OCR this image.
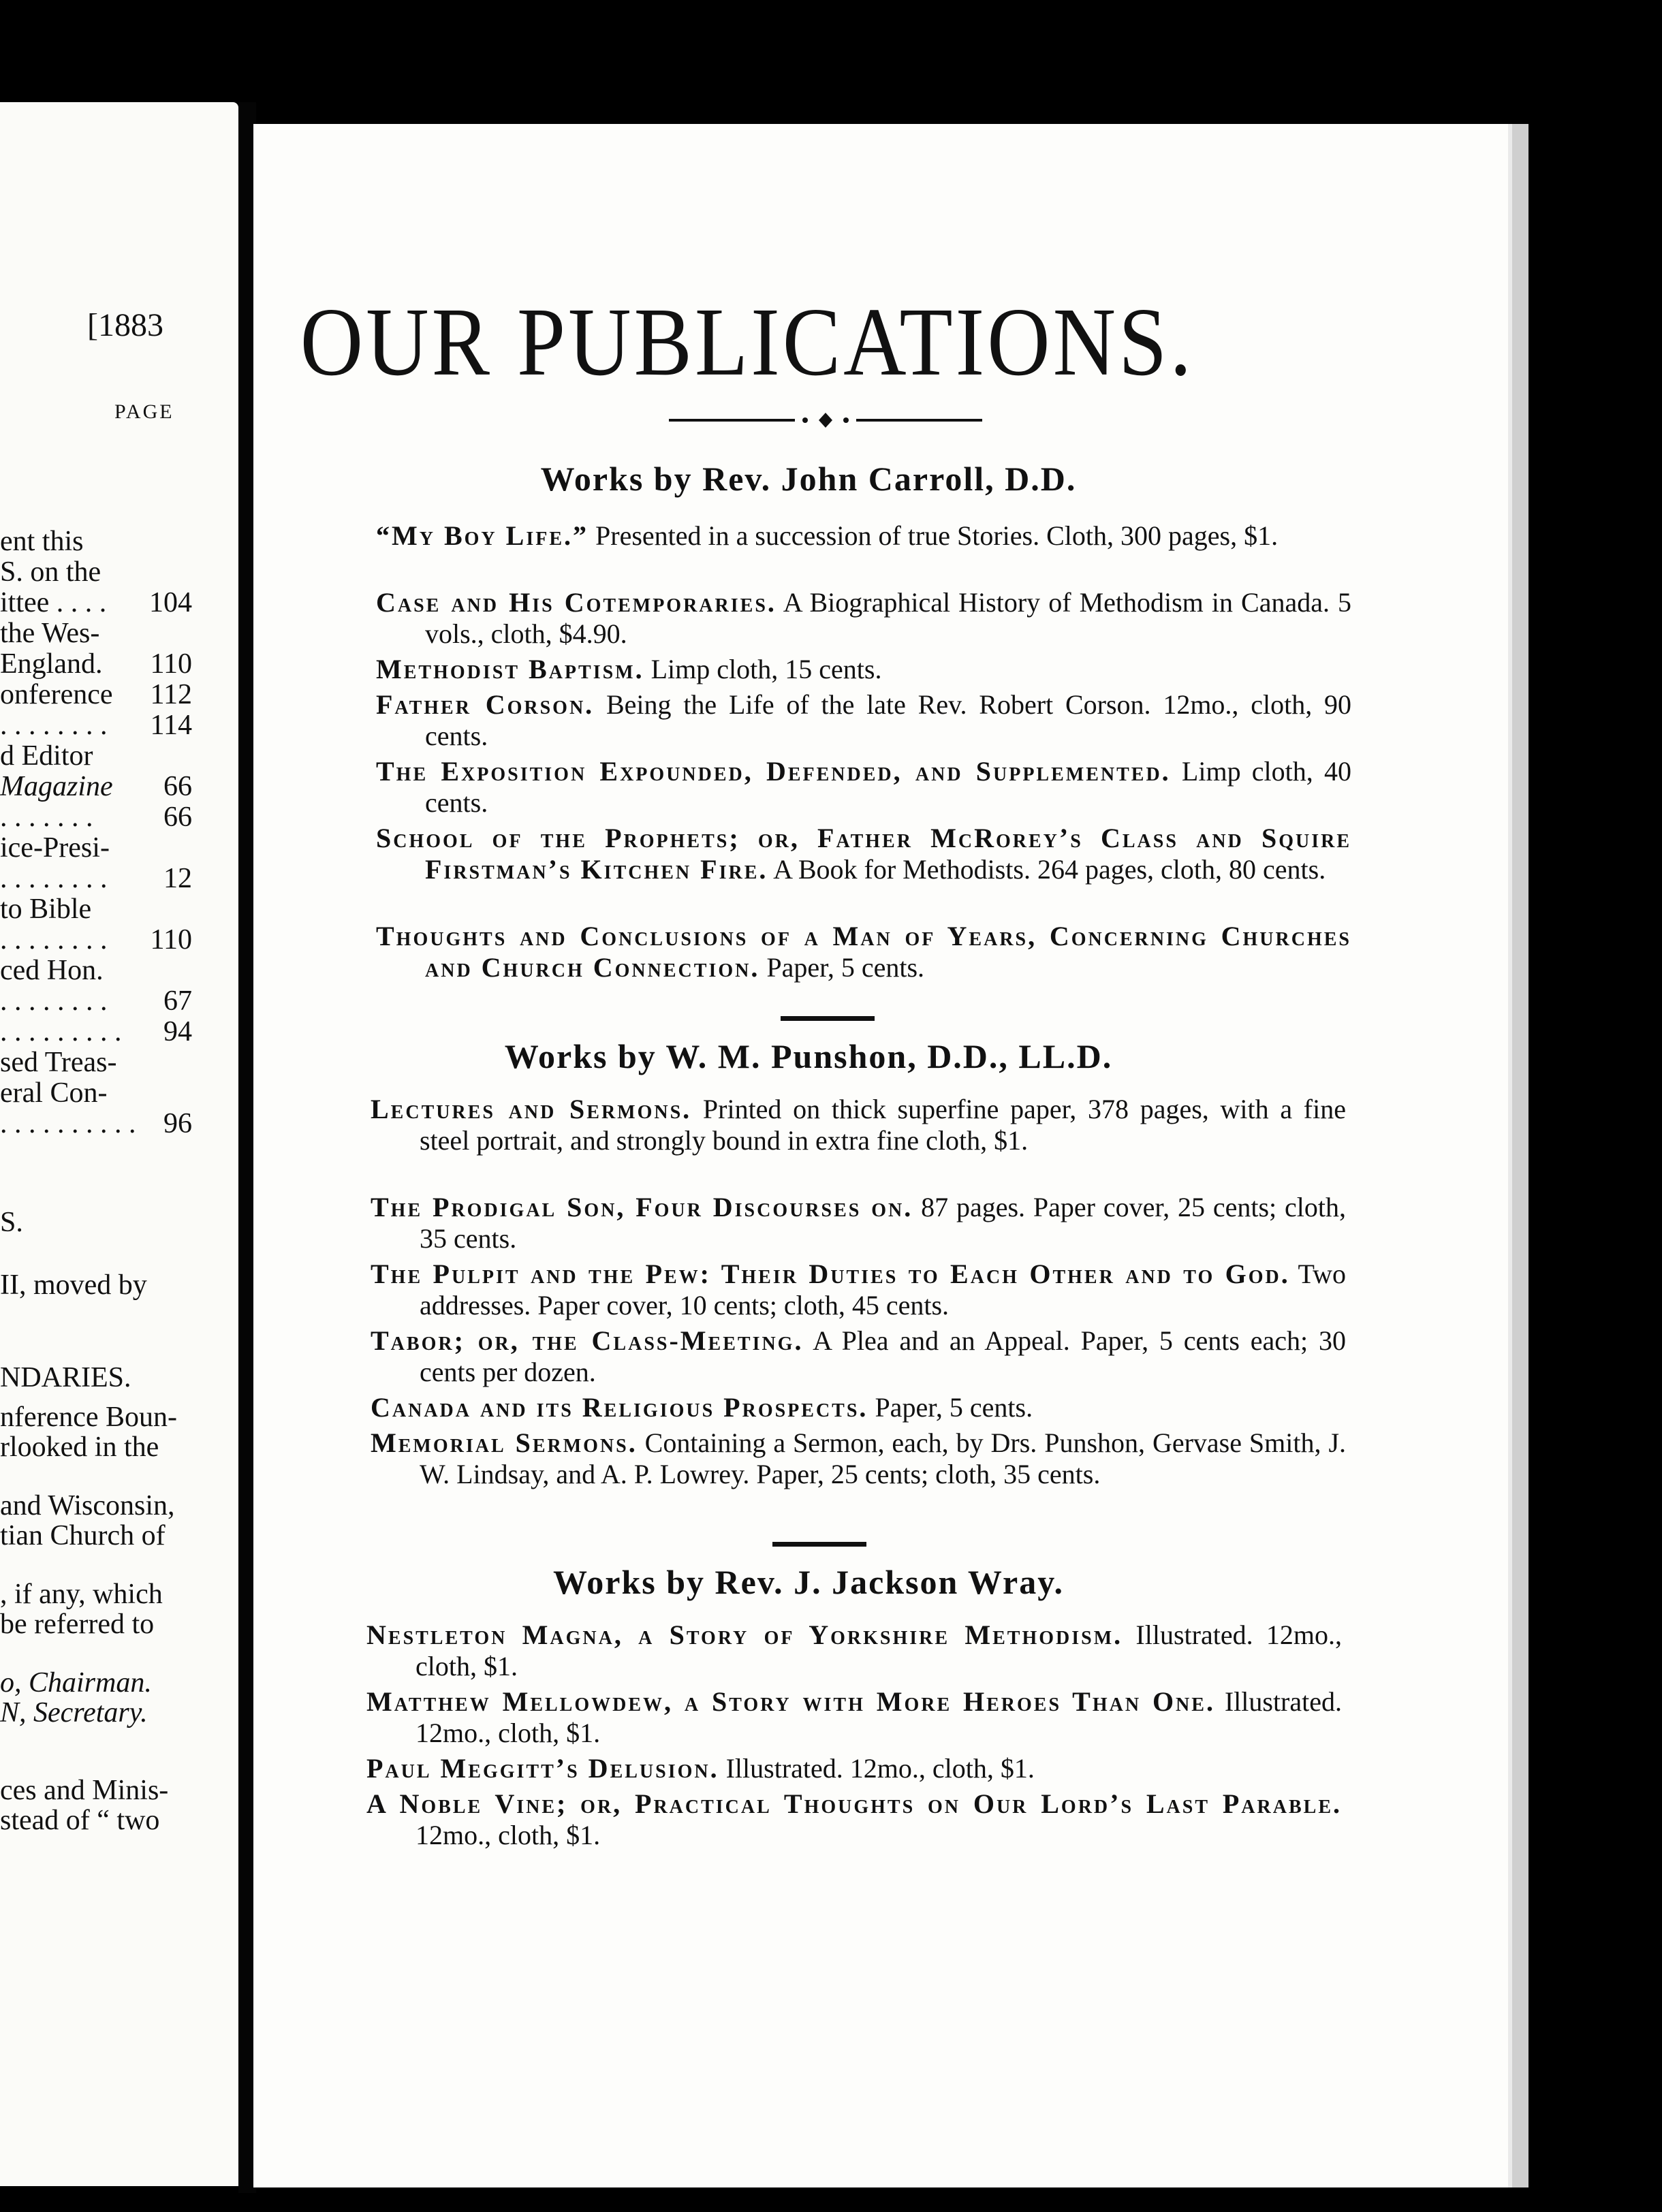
[1883
PAGE
ent this
S. on the
ittee . . . . 104
the Wes-
England. 110
onference 112
. . . . . . . . 114
d Editor
Magazine 66
. . . . . . . 66
ice-Presi-
. . . . . . . . 12
to Bible
. . . . . . . . 110
ced Hon.
. . . . . . . . 67
. . . . . . . . . 94
sed Treas-
eral Con-
. . . . . . . . . . 96
S.
II, moved by
NDARIES.
nference Boun-
rlooked in the
and Wisconsin,
tian Church of
, if any, which
be referred to
o, Chairman.
N, Secretary.
ces and Minis-
stead of “ two
OUR PUBLICATIONS.
Works by Rev. John Carroll, D.D.
“My Boy Life.” Presented in a succession of true Stories. Cloth, 300 pages, $1.
Case and His Cotemporaries. A Biographical History of Methodism in Canada. 5 vols., cloth, $4.90.
Methodist Baptism. Limp cloth, 15 cents.
Father Corson. Being the Life of the late Rev. Robert Corson. 12mo., cloth, 90 cents.
The Exposition Expounded, Defended, and Supplemented. Limp cloth, 40 cents.
School of the Prophets; or, Father McRorey’s Class and Squire Firstman’s Kitchen Fire. A Book for Methodists. 264 pages, cloth, 80 cents.
Thoughts and Conclusions of a Man of Years, Concerning Churches and Church Connection. Paper, 5 cents.
Works by W. M. Punshon, D.D., LL.D.
Lectures and Sermons. Printed on thick superfine paper, 378 pages, with a fine steel portrait, and strongly bound in extra fine cloth, $1.
The Prodigal Son, Four Discourses on. 87 pages. Paper cover, 25 cents; cloth, 35 cents.
The Pulpit and the Pew: Their Duties to Each Other and to God. Two addresses. Paper cover, 10 cents; cloth, 45 cents.
Tabor; or, the Class-Meeting. A Plea and an Appeal. Paper, 5 cents each; 30 cents per dozen.
Canada and its Religious Prospects. Paper, 5 cents.
Memorial Sermons. Containing a Sermon, each, by Drs. Punshon, Gervase Smith, J. W. Lindsay, and A. P. Lowrey. Paper, 25 cents; cloth, 35 cents.
Works by Rev. J. Jackson Wray.
Nestleton Magna, a Story of Yorkshire Methodism. Illustrated. 12mo., cloth, $1.
Matthew Mellowdew, a Story with More Heroes Than One. Illustrated. 12mo., cloth, $1.
Paul Meggitt’s Delusion. Illustrated. 12mo., cloth, $1.
A Noble Vine; or, Practical Thoughts on Our Lord’s Last Parable. 12mo., cloth, $1.
